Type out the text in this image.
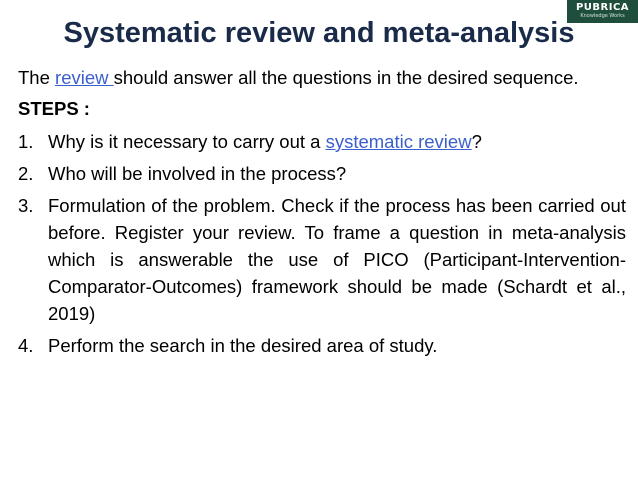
PUBRICA
Knowledge Works
Systematic review and meta-analysis

The review should answer all the questions in the desired sequence.

STEPS :

1. Why is it necessary to carry out a systematic review?
2. Who will be involved in the process?
3. Formulation of the problem. Check if the process has been carried out before. Register your review. To frame a question in meta-analysis which is answerable the use of PICO (Participant-Intervention-Comparator-Outcomes) framework should be made (Schardt et al., 2019)
4. Perform the search in the desired area of study.
